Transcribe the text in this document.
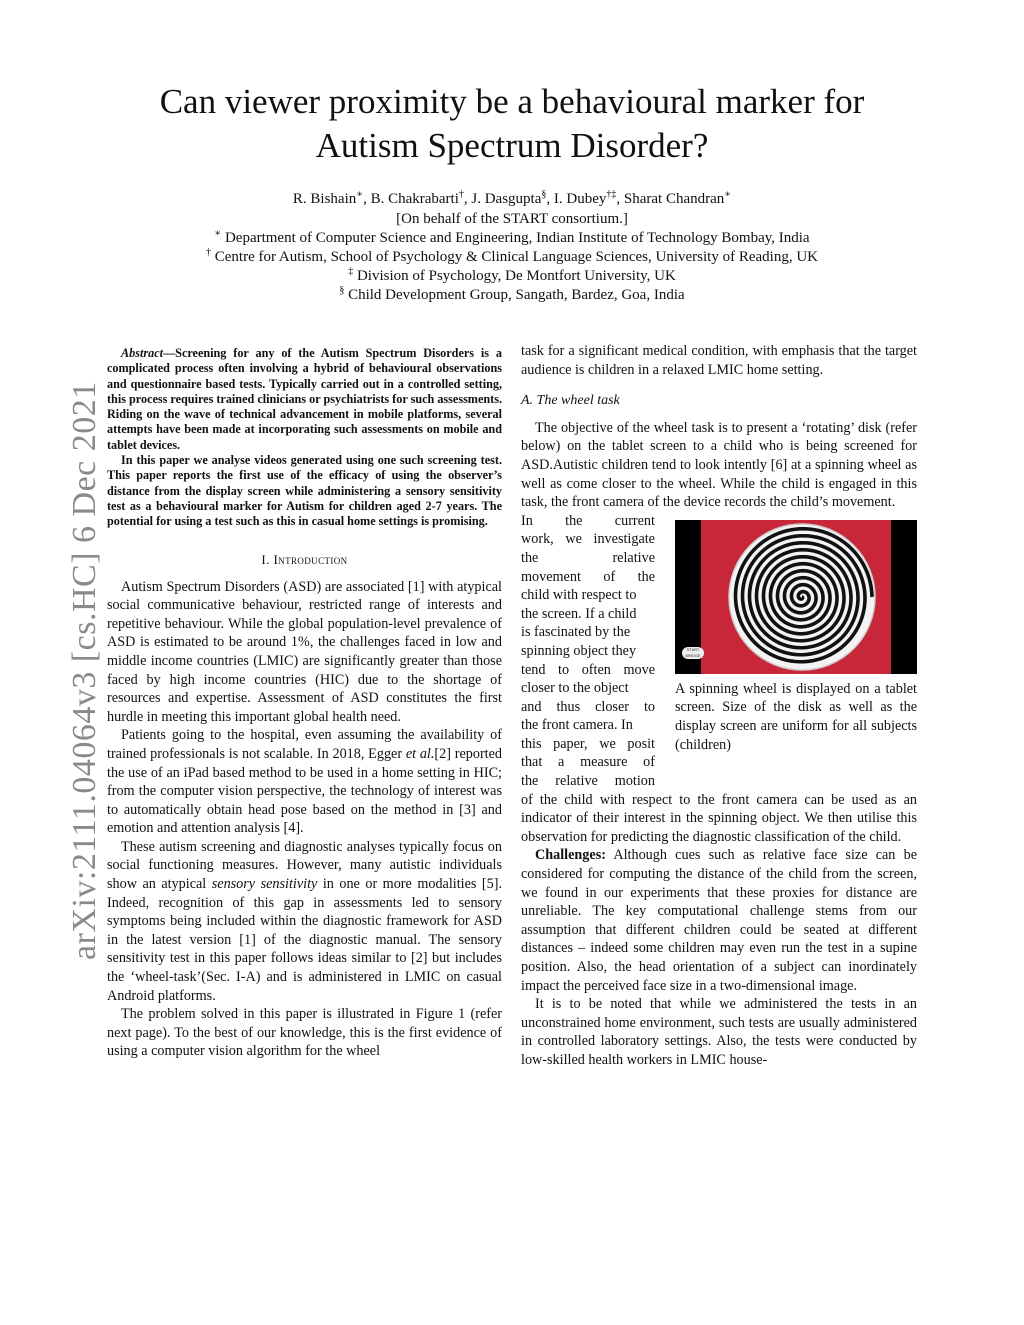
arXiv:2111.04064v3 [cs.HC] 6 Dec 2021
Can viewer proximity be a behavioural marker for
Autism Spectrum Disorder?
R. Bishain∗, B. Chakrabarti†, J. Dasgupta§, I. Dubey†‡, Sharat Chandran∗
[On behalf of the START consortium.]
∗ Department of Computer Science and Engineering, Indian Institute of Technology Bombay, India
† Centre for Autism, School of Psychology & Clinical Language Sciences, University of Reading, UK
‡ Division of Psychology, De Montfort University, UK
§ Child Development Group, Sangath, Bardez, Goa, India

Abstract—Screening for any of the Autism Spectrum Disorders is a complicated process often involving a hybrid of behavioural observations and questionnaire based tests. Typically carried out in a controlled setting, this process requires trained clinicians or psychiatrists for such assessments. Riding on the wave of technical advancement in mobile platforms, several attempts have been made at incorporating such assessments on mobile and tablet devices.

In this paper we analyse videos generated using one such screening test. This paper reports the first use of the efficacy of using the observer’s distance from the display screen while administering a sensory sensitivity test as a behavioural marker for Autism for children aged 2-7 years. The potential for using a test such as this in casual home settings is promising.

I. Introduction

Autism Spectrum Disorders (ASD) are associated [1] with atypical social communicative behaviour, restricted range of interests and repetitive behaviour. While the global population-level prevalence of ASD is estimated to be around 1%, the challenges faced in low and middle income countries (LMIC) are significantly greater than those faced by high income countries (HIC) due to the shortage of resources and expertise. Assessment of ASD constitutes the first hurdle in meeting this important global health need.

Patients going to the hospital, even assuming the availability of trained professionals is not scalable. In 2018, Egger et al.[2] reported the use of an iPad based method to be used in a home setting in HIC; from the computer vision perspective, the technology of interest was to automatically obtain head pose based on the method in [3] and emotion and attention analysis [4].

These autism screening and diagnostic analyses typically focus on social functioning measures. However, many autistic individuals show an atypical sensory sensitivity in one or more modalities [5]. Indeed, recognition of this gap in assessments led to sensory symptoms being included within the diagnostic framework for ASD in the latest version [1] of the diagnostic manual. The sensory sensitivity test in this paper follows ideas similar to [2] but includes the ‘wheel-task’(Sec. I-A) and is administered in LMIC on casual Android platforms.

The problem solved in this paper is illustrated in Figure 1 (refer next page). To the best of our knowledge, this is the first evidence of using a computer vision algorithm for the wheel

task for a significant medical condition, with emphasis that the target audience is children in a relaxed LMIC home setting.

A. The wheel task

The objective of the wheel task is to present a ‘rotating’ disk (refer below) on the tablet screen to a child who is being screened for ASD.Autistic children tend to look intently [6] at a spinning wheel as well as come closer to the wheel. While the child is engaged in this task, the front camera of the device records the child’s movement.

In the current
work, we investigate
the	relative
movement of the
child with respect to
the screen. If a child
is fascinated by the
spinning object they
tend to often move
closer to the object
and thus closer to
the front camera. In
this paper, we posit
that a measure of
the relative motion
START BRIDGE
A spinning wheel is displayed on a tablet screen. Size of the disk as well as the display screen are uniform for all subjects (children)

of the child with respect to the front camera can be used as an indicator of their interest in the spinning object. We then utilise this observation for predicting the diagnostic classification of the child.

Challenges: Although cues such as relative face size can be considered for computing the distance of the child from the screen, we found in our experiments that these proxies for distance are unreliable. The key computational challenge stems from our assumption that different children could be seated at different distances – indeed some children may even run the test in a supine position. Also, the head orientation of a subject can inordinately impact the perceived face size in a two-dimensional image.

It is to be noted that while we administered the tests in an unconstrained home environment, such tests are usually administered in controlled laboratory settings. Also, the tests were conducted by low-skilled health workers in LMIC house-
